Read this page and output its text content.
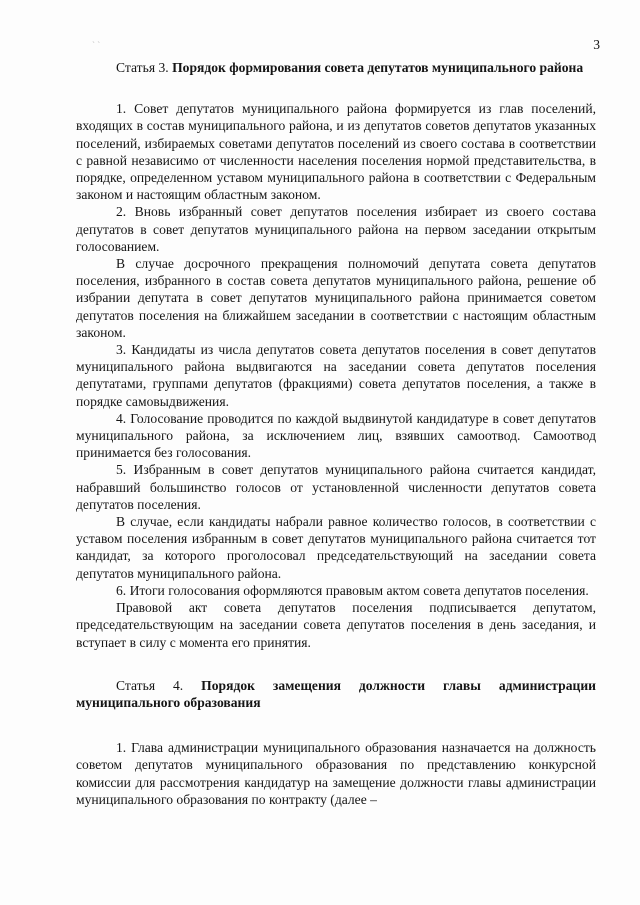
ˏ ˎ	3
Статья 3. Порядок формирования совета депутатов муниципального района

1. Совет депутатов муниципального района формируется из глав поселений, входящих в состав муниципального района, и из депутатов советов депутатов указанных поселений, избираемых советами депутатов поселений из своего состава в соответствии с равной независимо от численности населения поселения нормой представительства, в порядке, определенном уставом муниципального района в соответствии с Федеральным законом и настоящим областным законом.

2. Вновь избранный совет депутатов поселения избирает из своего состава депутатов в совет депутатов муниципального района на первом заседании открытым голосованием.

В случае досрочного прекращения полномочий депутата совета депутатов поселения, избранного в состав совета депутатов муниципального района, решение об избрании депутата в совет депутатов муниципального района принимается советом депутатов поселения на ближайшем заседании в соответствии с настоящим областным законом.

3. Кандидаты из числа депутатов совета депутатов поселения в совет депутатов муниципального района выдвигаются на заседании совета депутатов поселения депутатами, группами депутатов (фракциями) совета депутатов поселения, а также в порядке самовыдвижения.

4. Голосование проводится по каждой выдвинутой кандидатуре в совет депутатов муниципального района, за исключением лиц, взявших самоотвод. Самоотвод принимается без голосования.

5. Избранным в совет депутатов муниципального района считается кандидат, набравший большинство голосов от установленной численности депутатов совета депутатов поселения.

В случае, если кандидаты набрали равное количество голосов, в соответствии с уставом поселения избранным в совет депутатов муниципального района считается тот кандидат, за которого проголосовал председательствующий на заседании совета депутатов муниципального района.

6. Итоги голосования оформляются правовым актом совета депутатов поселения.

Правовой акт совета депутатов поселения подписывается депутатом, председательствующим на заседании совета депутатов поселения в день заседания, и вступает в силу с момента его принятия.

Статья 4. Порядок замещения должности главы администрации муниципального образования

1. Глава администрации муниципального образования назначается на должность советом депутатов муниципального образования по представлению конкурсной комиссии для рассмотрения кандидатур на замещение должности главы администрации муниципального образования по контракту (далее –
